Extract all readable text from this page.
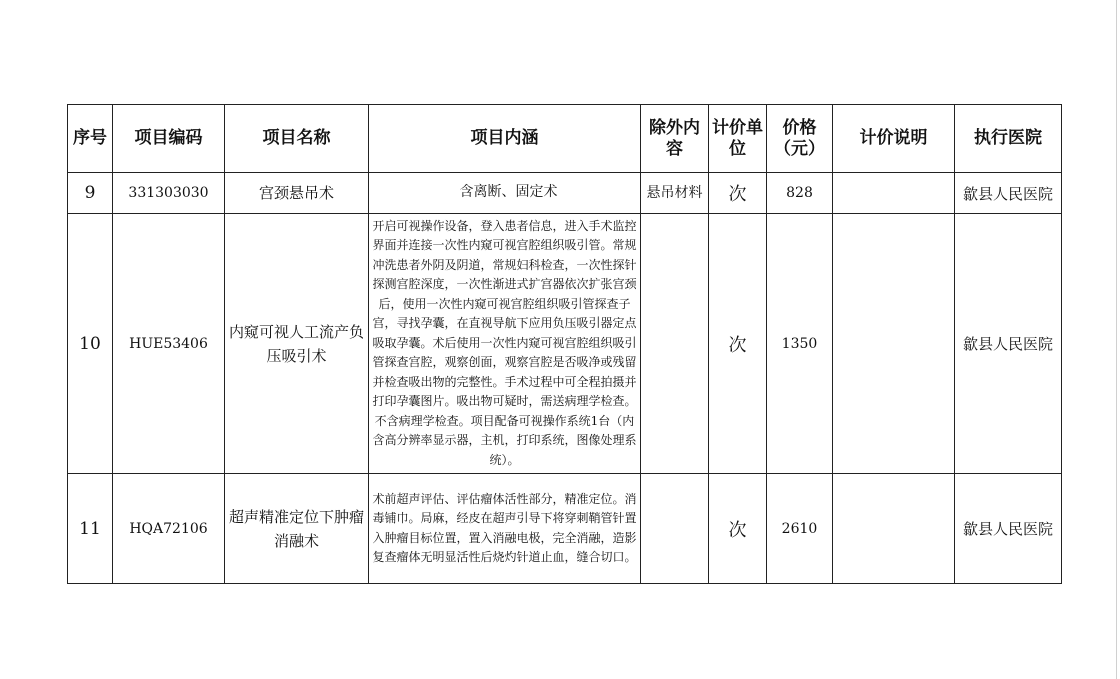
序号	项目编码	项目名称	项目内涵	除外内容	计价单位	价格（元）	计价说明	执行医院
9	331303030	宫颈悬吊术	含离断、固定术	悬吊材料	次	828		歙县人民医院
10	HUE53406	内窥可视人工流产负压吸引术	开启可视操作设备，登入患者信息，进入手术监控界面并连接一次性内窥可视宫腔组织吸引管。常规冲洗患者外阴及阴道，常规妇科检查，一次性探针探测宫腔深度，一次性渐进式扩宫器依次扩张宫颈后，使用一次性内窥可视宫腔组织吸引管探查子宫，寻找孕囊，在直视导航下应用负压吸引器定点吸取孕囊。术后使用一次性内窥可视宫腔组织吸引管探查宫腔，观察创面，观察宫腔是否吸净或残留并检查吸出物的完整性。手术过程中可全程拍摄并打印孕囊图片。吸出物可疑时，需送病理学检查。不含病理学检查。项目配备可视操作系统1台（内含高分辨率显示器，主机，打印系统，图像处理系统）。		次	1350		歙县人民医院
11	HQA72106	超声精准定位下肿瘤消融术	术前超声评估、评估瘤体活性部分，精准定位。消毒铺巾。局麻，经皮在超声引导下将穿刺鞘管针置入肿瘤目标位置，置入消融电极，完全消融，造影复查瘤体无明显活性后烧灼针道止血，缝合切口。		次	2610		歙县人民医院
